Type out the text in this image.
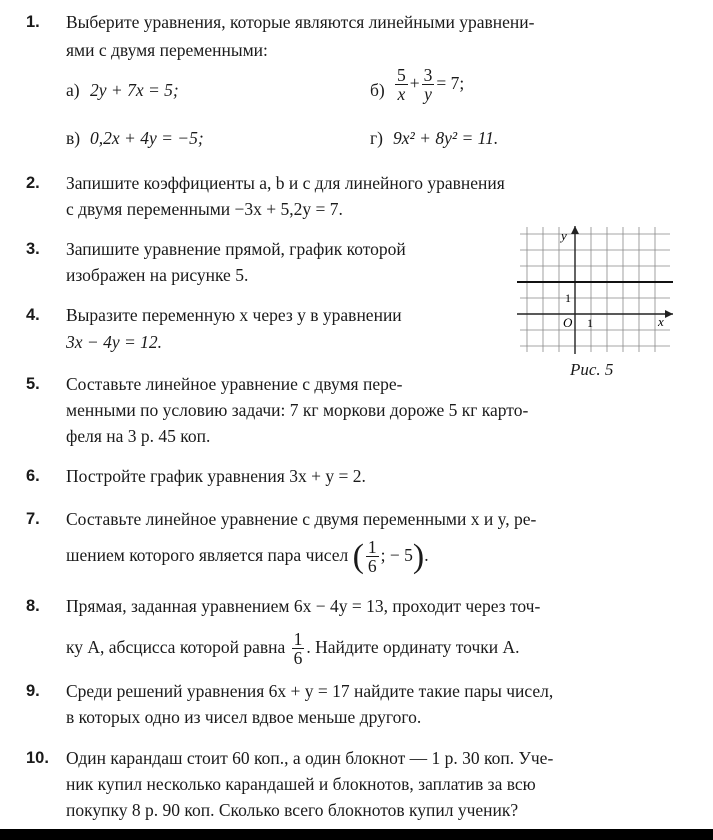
1. Выберите уравнения, которые являются линейными уравнени-
ями с двумя переменными:
а) 2y + 7x = 5;	$б) \frac{5}{x} + \frac{3}{y} = 7$;
в) 0,2x + 4y = −5;	г) 9x² + 8y² = 11.
2. Запишите коэффициенты a, b и c для линейного уравнения
с двумя переменными −3x + 5,2y = 7.
3. Запишите уравнение прямой, график которой
изображен на рисунке 5.
4. Выразите переменную x через y в уравнении
3x − 4y = 12.
y
x
O 1
1
Рис. 5
5. Составьте линейное уравнение с двумя пере-
менными по условию задачи: 7 кг моркови дороже 5 кг карто-
феля на 3 р. 45 коп.
6. Постройте график уравнения 3x + y = 2.
7. Составьте линейное уравнение с двумя переменными x и y, ре-
шением которого является пара чисел ( $\frac{1}{6}$ ; − 5).
8. Прямая, заданная уравнением 6x − 4y = 13, проходит через точ-
ку A, абсцисса которой равна $\frac{1}{6}$ . Найдите ординату точки A.
9. Среди решений уравнения 6x + y = 17 найдите такие пары чисел,
в которых одно из чисел вдвое меньше другого.
10. Один карандаш стоит 60 коп., а один блокнот — 1 р. 30 коп. Уче-
ник купил несколько карандашей и блокнотов, заплатив за всю
покупку 8 р. 90 коп. Сколько всего блокнотов купил ученик?
